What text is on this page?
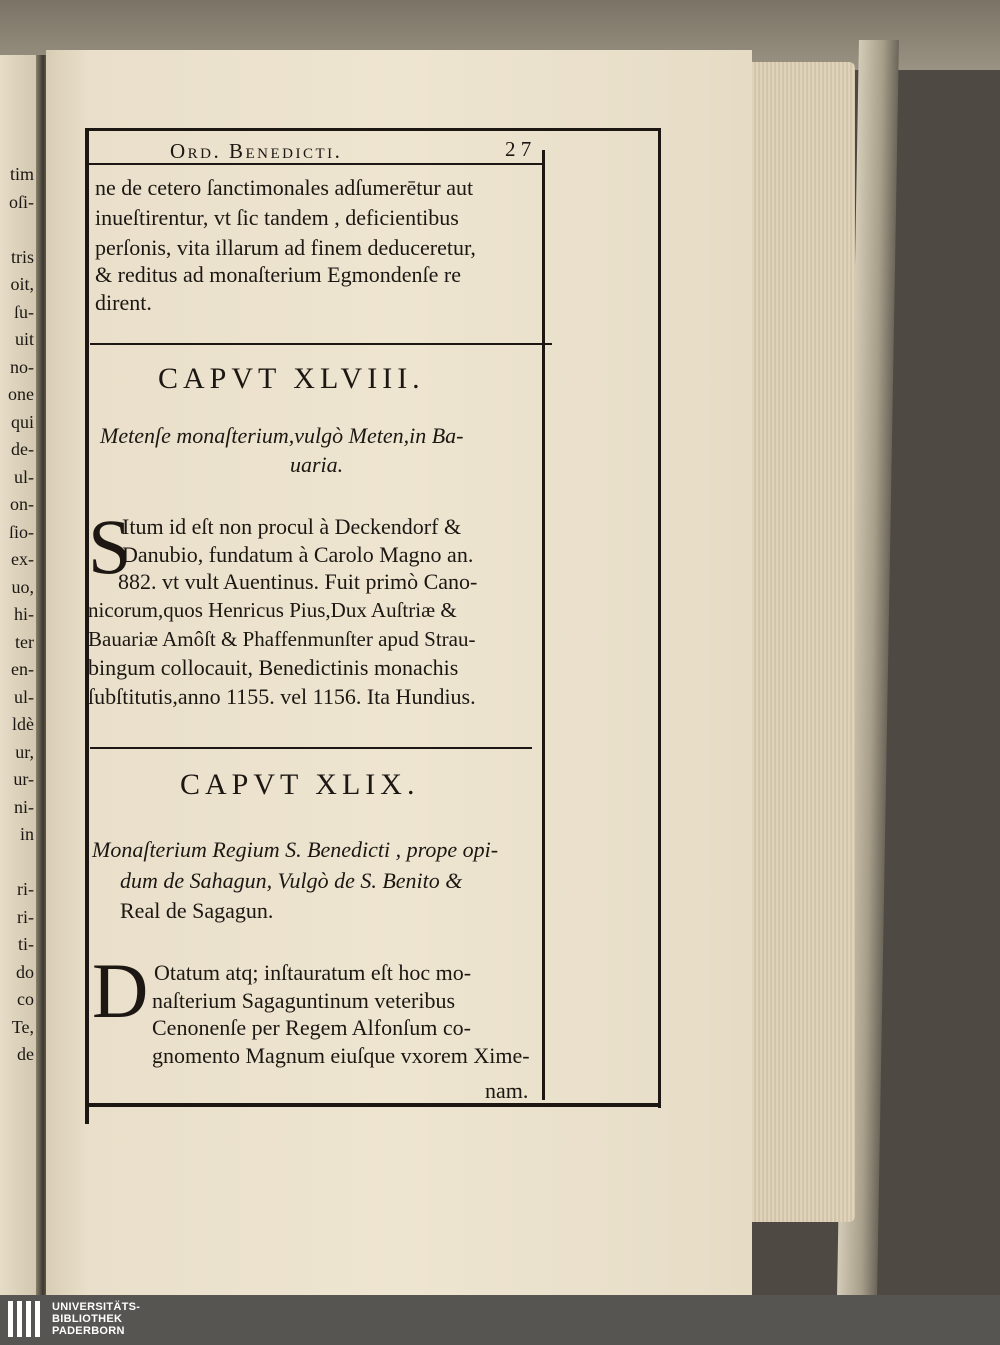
tim
oſi-
tris
oit,
ſu-
uit
no-
one
qui
de-
ul-
on-
ſio-
ex-
uo,
hi-
ter
en-
ul-
ldè
ur,
ur-
ni-
in
ri-
ri-
ti-
do
co
Te,
de
Ord. Benedicti.	2 7
ne de cetero ſanctimonales adſumerētur aut
inueſtirentur, vt ſic tandem , deficientibus
perſonis, vita illarum ad finem deduceretur,
& reditus ad monaſterium Egmondenſe re
dirent.
CAPVT XLVIII.
Metenſe monaſterium,vulgò Meten,in Ba-
uaria.
S
Itum id eſt non procul à Deckendorf &
Danubio, fundatum à Carolo Magno an.
882. vt vult Auentinus. Fuit primò Cano-
nicorum,quos Henricus Pius,Dux Auſtriæ &
Bauariæ Amôſt & Phaffenmunſter apud Strau-
bingum collocauit, Benedictinis monachis
ſubſtitutis,anno 1155. vel 1156. Ita Hundius.
CAPVT XLIX.
Monaſterium Regium S. Benedicti , prope opi-
dum de Sahagun, Vulgò de S. Benito &
Real de Sagagun.
D Otatum atq; inſtauratum eſt hoc mo-
naſterium Sagaguntinum veteribus
Cenonenſe per Regem Alfonſum co-
gnomento Magnum eiuſque vxorem Xime-
nam.
UNIVERSITÄTS-
BIBLIOTHEK
PADERBORN
